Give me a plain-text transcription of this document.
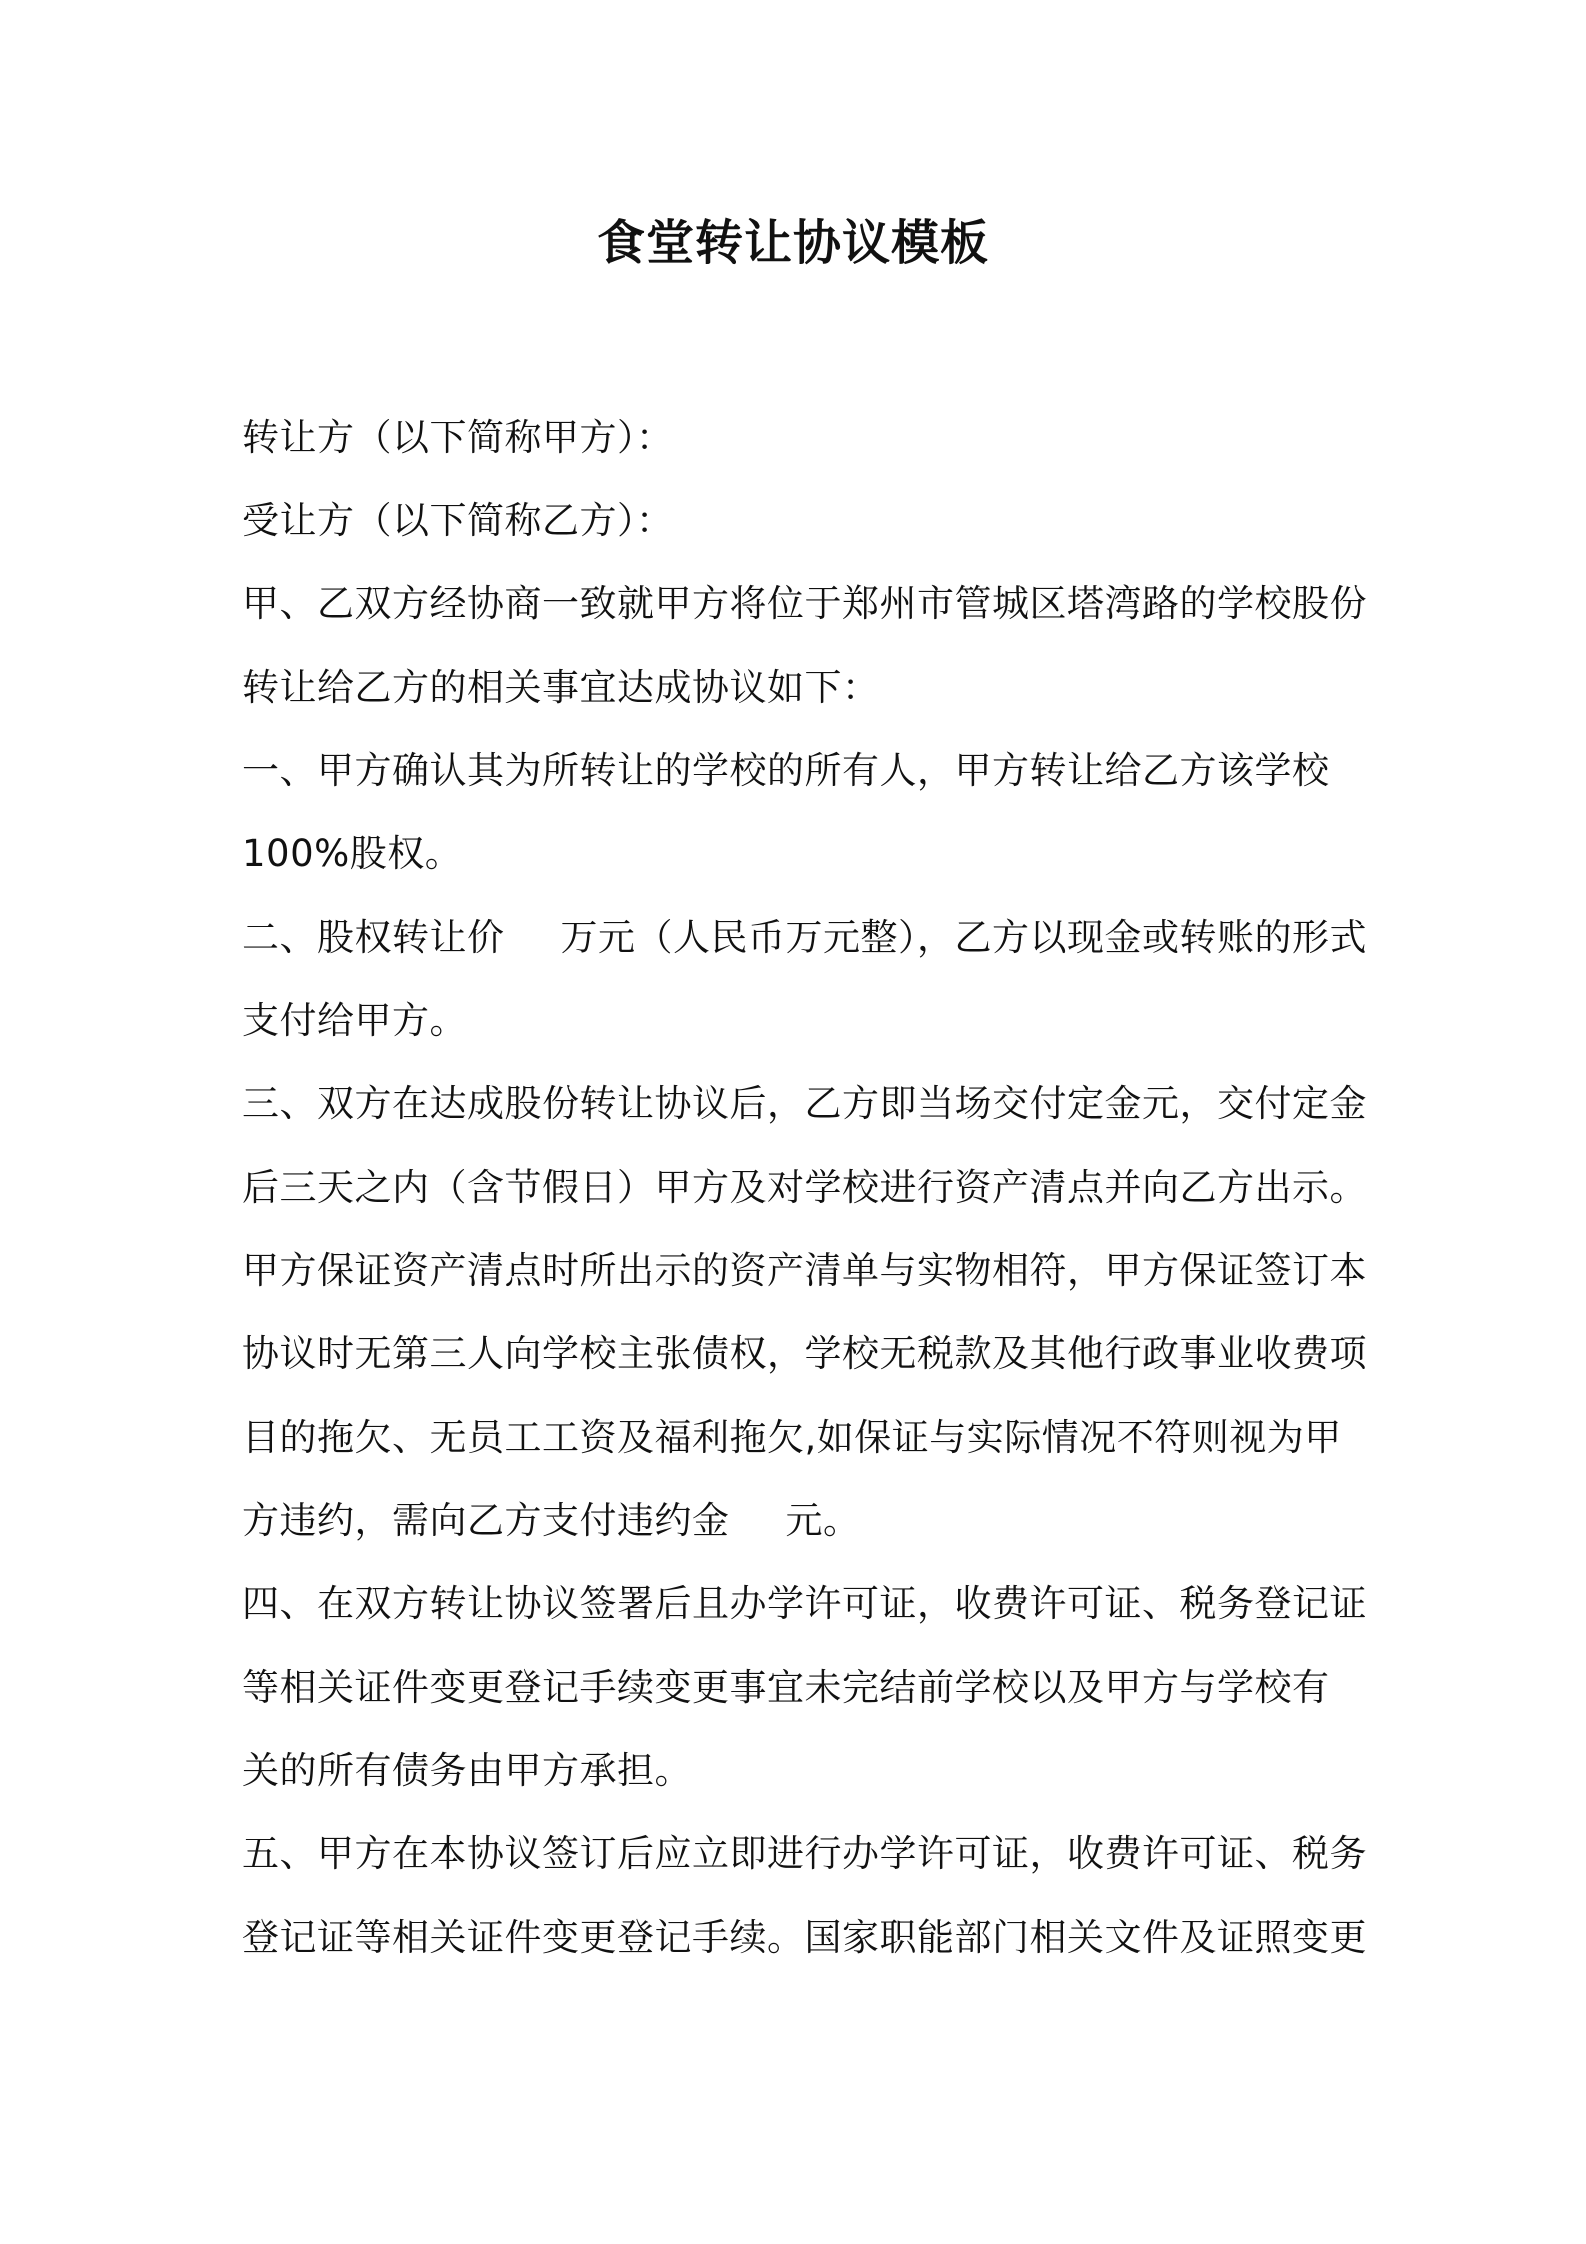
食堂转让协议模板
转让方（以下简称甲方）：
受让方（以下简称乙方）：
甲、乙双方经协商一致就甲方将位于郑州市管城区塔湾路的学校股份
转让给乙方的相关事宜达成协议如下：
一、甲方确认其为所转让的学校的所有人，甲方转让给乙方该学校
100%股权。
二、股权转让价 万元（人民币万元整），乙方以现金或转账的形式
支付给甲方。
三、双方在达成股份转让协议后，乙方即当场交付定金元，交付定金
后三天之内（含节假日）甲方及对学校进行资产清点并向乙方出示。
甲方保证资产清点时所出示的资产清单与实物相符，甲方保证签订本
协议时无第三人向学校主张债权，学校无税款及其他行政事业收费项
目的拖欠、无员工工资及福利拖欠,如保证与实际情况不符则视为甲
方违约，需向乙方支付违约金 元。
四、在双方转让协议签署后且办学许可证，收费许可证、税务登记证
等相关证件变更登记手续变更事宜未完结前学校以及甲方与学校有
关的所有债务由甲方承担。
五、甲方在本协议签订后应立即进行办学许可证，收费许可证、税务
登记证等相关证件变更登记手续。国家职能部门相关文件及证照变更
